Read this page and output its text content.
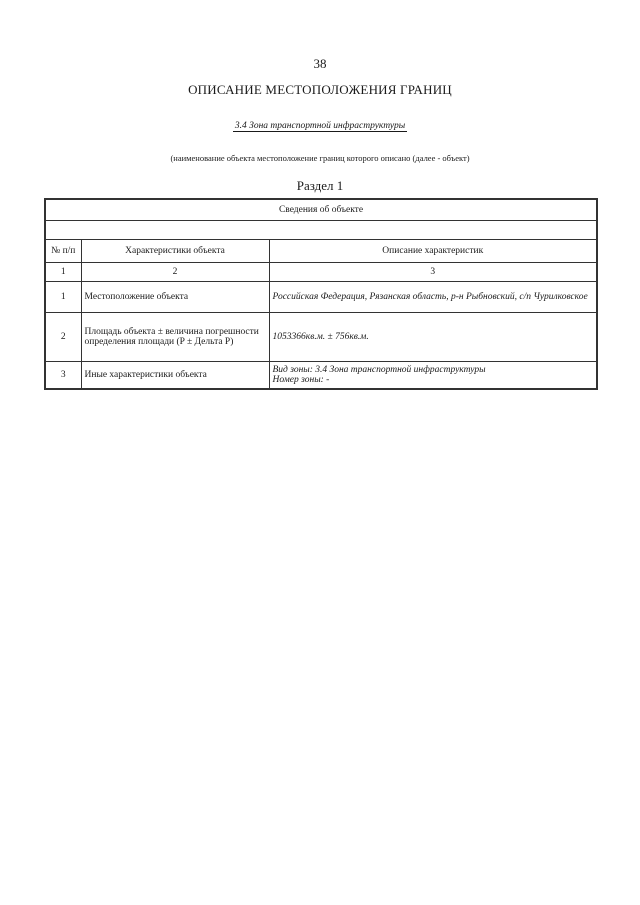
38
ОПИСАНИЕ МЕСТОПОЛОЖЕНИЯ ГРАНИЦ
3.4 Зона транспортной инфраструктуры
(наименование объекта местоположение границ которого описано (далее - объект)
Раздел 1
Сведения об объекте		

№ п/п	Характеристики объекта	Описание характеристик
1	2	3
1	Местоположение объекта	Российская Федерация, Рязанская область, р-н Рыбновский, с/п Чурилковское
2	Площадь объекта ± величина погрешности определения площади (P ± Дельта P)	1053366кв.м. ± 756кв.м.
3	Иные характеристики объекта	Вид зоны: 3.4 Зона транспортной инфраструктуры
Номер зоны: -
